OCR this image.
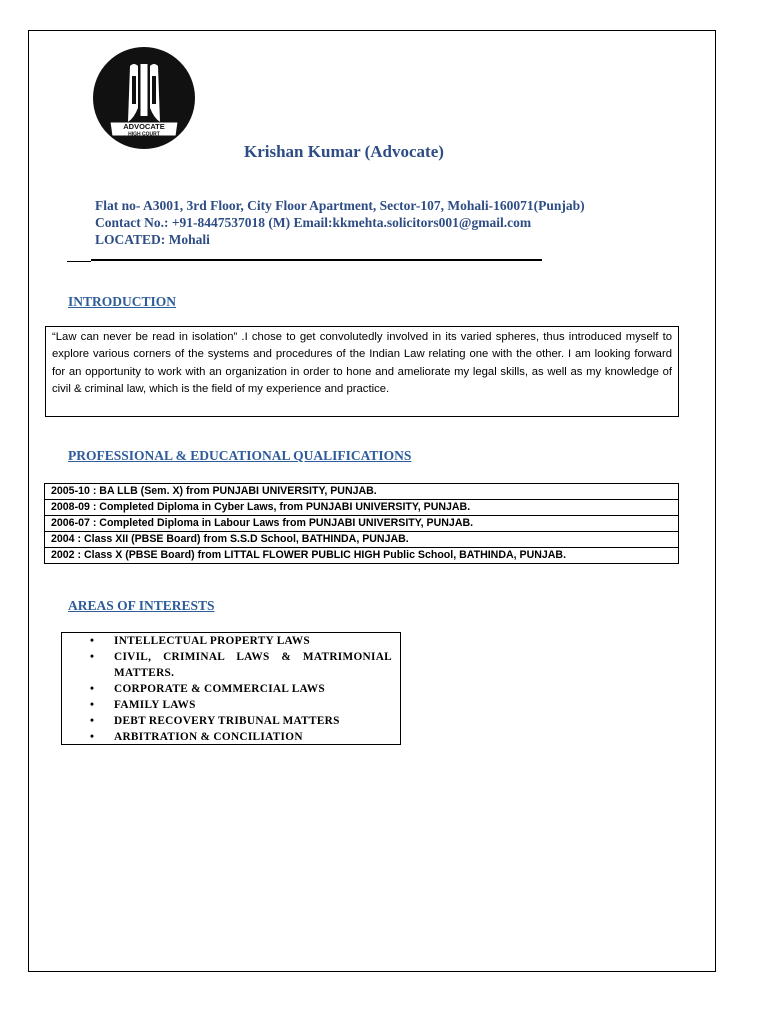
ADVOCATE
HIGH COURT
Krishan Kumar (Advocate)
Flat no- A3001, 3rd Floor, City Floor Apartment, Sector-107, Mohali-160071(Punjab)
Contact No.: +91-8447537018 (M) Email:kkmehta.solicitors001@gmail.com
LOCATED: Mohali
INTRODUCTION
“Law can never be read in isolation” .I chose to get convolutedly involved in its varied spheres, thus introduced myself to explore various corners of the systems and procedures of the Indian Law relating one with the other. I am looking forward for an opportunity to work with an organization in order to hone and ameliorate my legal skills, as well as my knowledge of civil & criminal law, which is the field of my experience and practice.
PROFESSIONAL & EDUCATIONAL QUALIFICATIONS
2005-10 : BA LLB (Sem. X) from PUNJABI UNIVERSITY, PUNJAB.
2008-09 : Completed Diploma in Cyber Laws, from PUNJABI UNIVERSITY, PUNJAB.
2006-07 : Completed Diploma in Labour Laws from PUNJABI UNIVERSITY, PUNJAB.
2004 : Class XII (PBSE Board) from S.S.D School, BATHINDA, PUNJAB.
2002 : Class X (PBSE Board) from LITTAL FLOWER PUBLIC HIGH Public School, BATHINDA, PUNJAB.
AREAS OF INTERESTS
• INTELLECTUAL PROPERTY LAWS
• CIVIL, CRIMINAL LAWS & MATRIMONIAL MATTERS.
• CORPORATE & COMMERCIAL LAWS
• FAMILY LAWS
• DEBT RECOVERY TRIBUNAL MATTERS
• ARBITRATION & CONCILIATION
